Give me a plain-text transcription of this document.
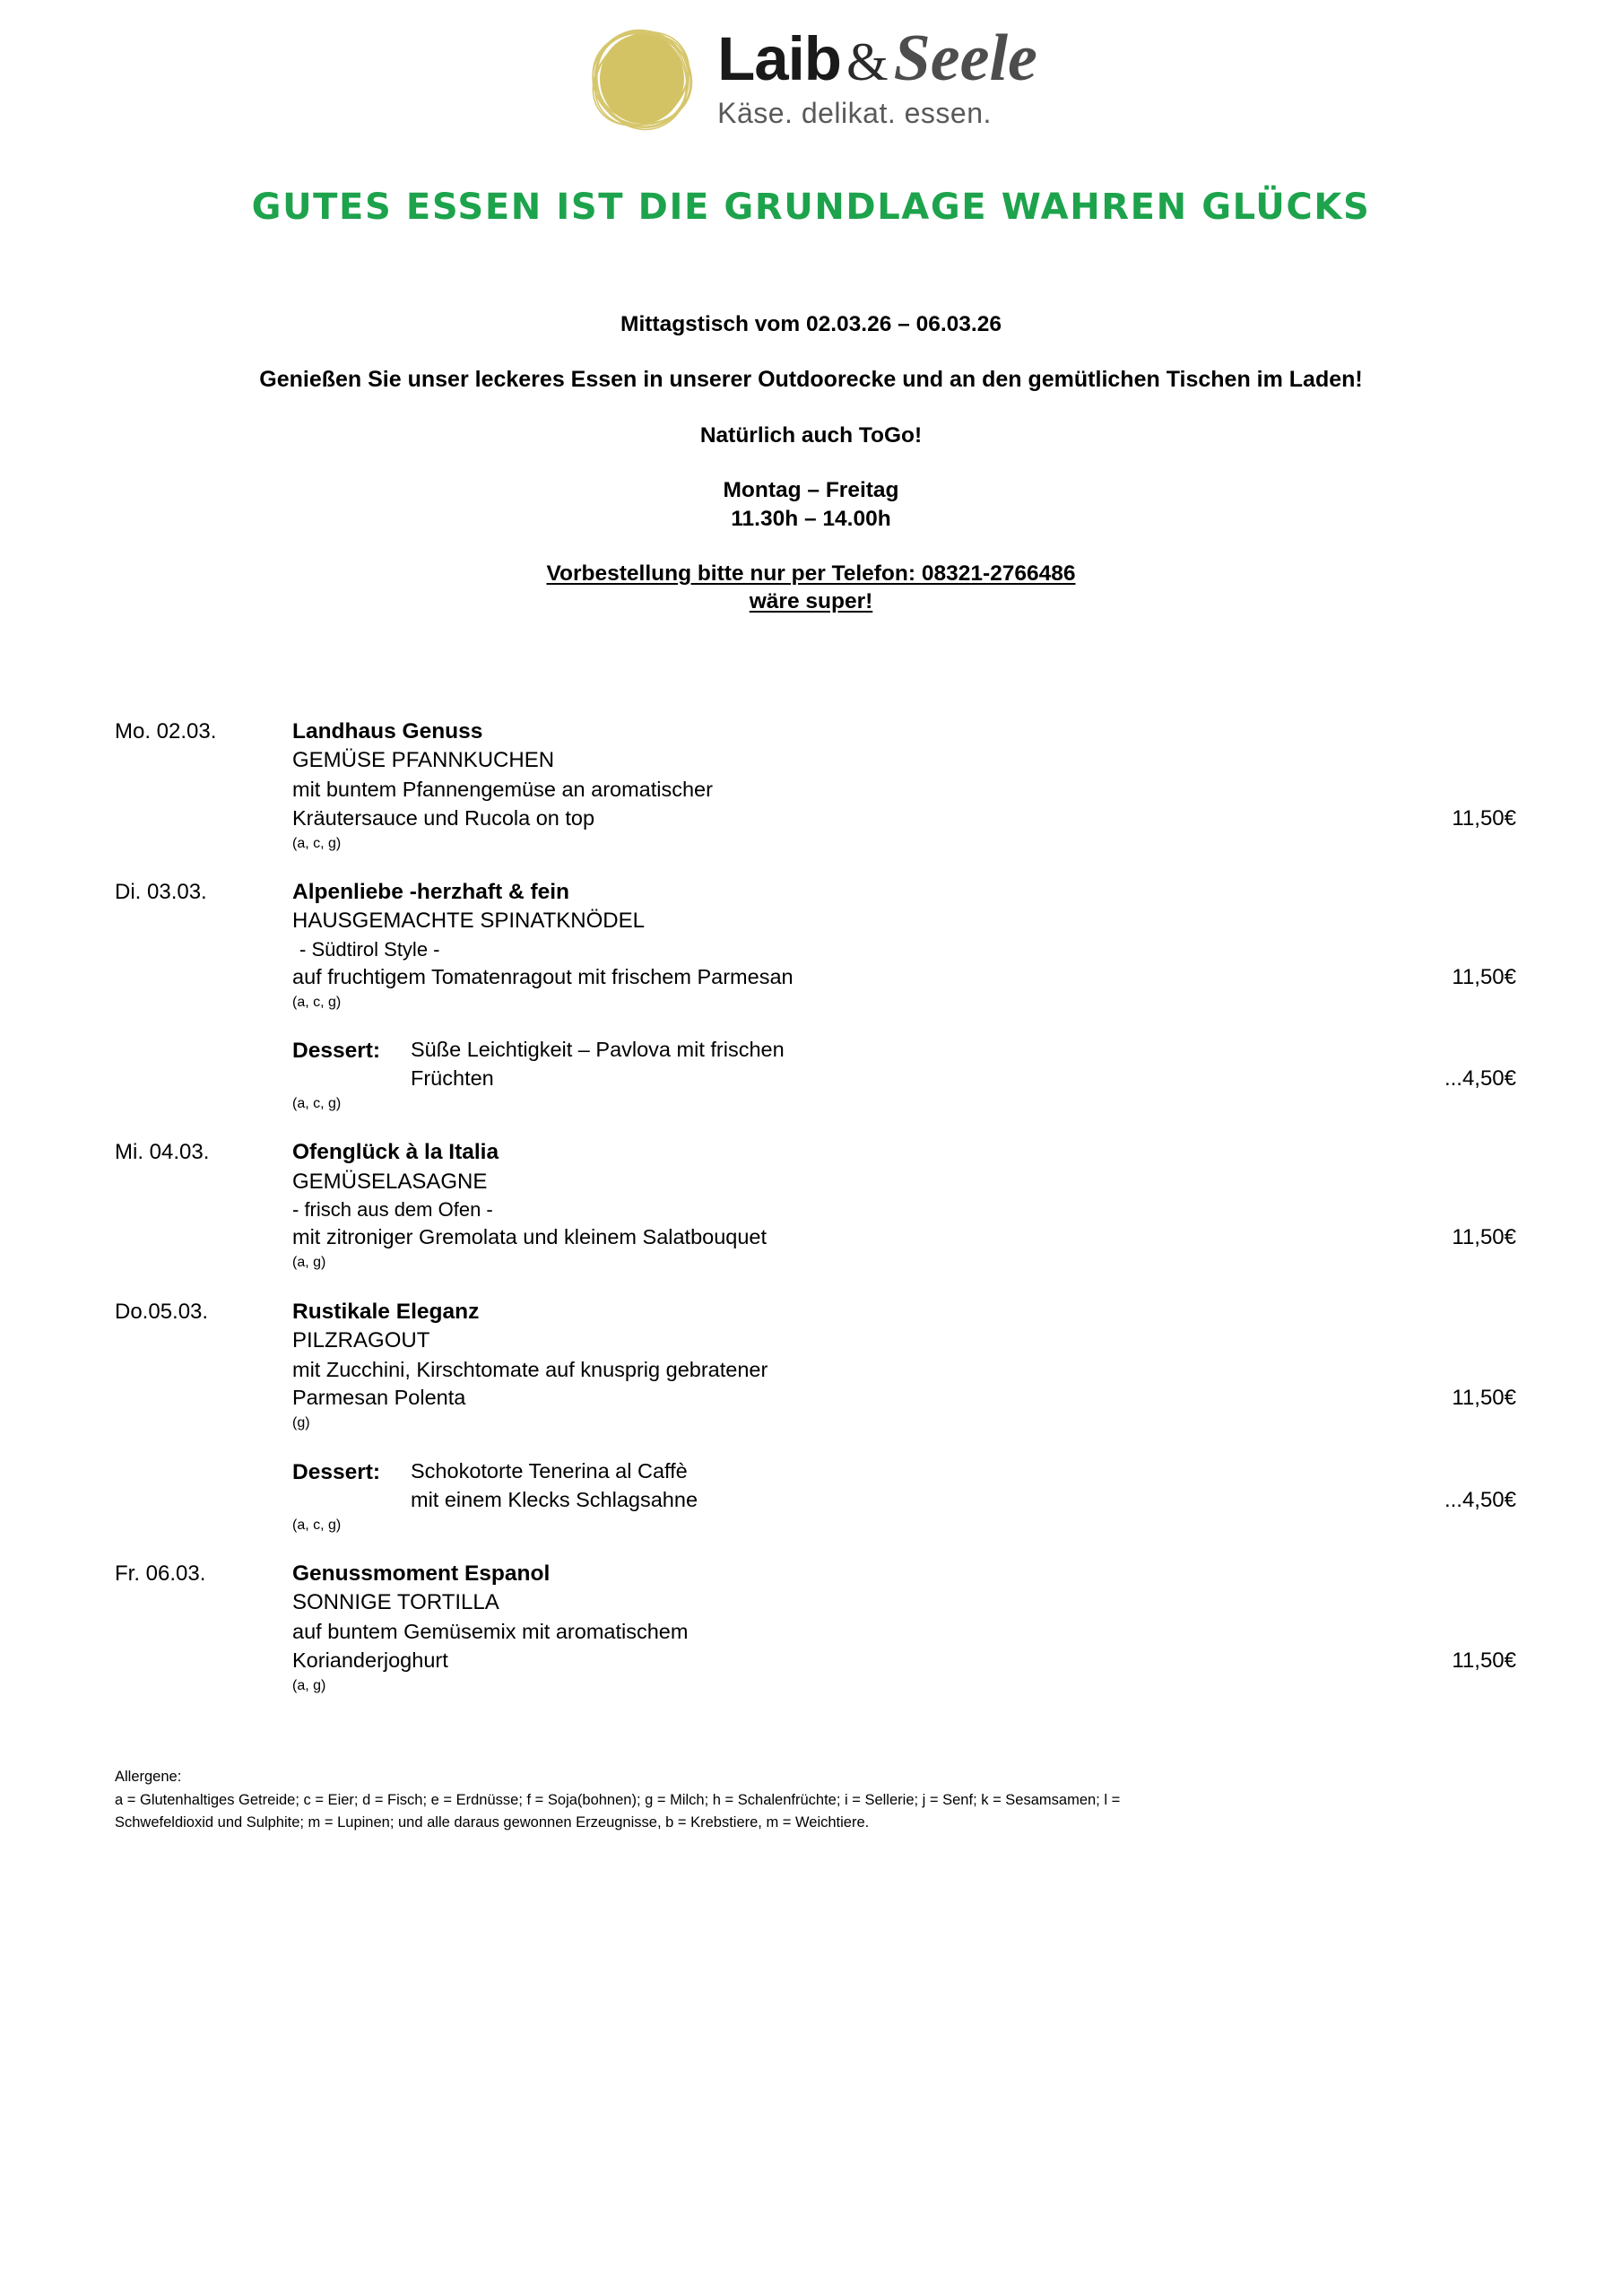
Laib & Seele
Käse. delikat. essen.
GUTES ESSEN IST DIE GRUNDLAGE WAHREN GLÜCKS

Mittagstisch vom 02.03.26 – 06.03.26

Genießen Sie unser leckeres Essen in unserer Outdoorecke und an den gemütlichen Tischen im Laden!

Natürlich auch ToGo!

Montag – Freitag

11.30h – 14.00h

Vorbestellung bitte nur per Telefon: 08321-2766486

wäre super!

Mo. 02.03.	Landhaus Genuss
GEMÜSE PFANNKUCHEN
mit buntem Pfannengemüse an aromatischer
Kräutersauce und Rucola on top	11,50€
(a, c, g)
Di. 03.03.	Alpenliebe -herzhaft & fein
HAUSGEMACHTE SPINATKNÖDEL
- Südtirol Style -
auf fruchtigem Tomatenragout mit frischem Parmesan	11,50€
(a, c, g)
Dessert:	Süße Leichtigkeit – Pavlova mit frischen
Früchten	...4,50€
(a, c, g)
Mi. 04.03.	Ofenglück à la Italia
GEMÜSELASAGNE
- frisch aus dem Ofen -
mit zitroniger Gremolata und kleinem Salatbouquet	11,50€
(a, g)
Do.05.03.	Rustikale Eleganz
PILZRAGOUT
mit Zucchini, Kirschtomate auf knusprig gebratener
Parmesan Polenta	11,50€
(g)
Dessert:	Schokotorte Tenerina al Caffè
mit einem Klecks Schlagsahne	...4,50€
(a, c, g)
Fr. 06.03.	Genussmoment Espanol
SONNIGE TORTILLA
auf buntem Gemüsemix mit aromatischem
Korianderjoghurt	11,50€
(a, g)

Allergene:

a = Glutenhaltiges Getreide; c = Eier; d = Fisch; e = Erdnüsse; f = Soja(bohnen); g = Milch; h = Schalenfrüchte; i = Sellerie; j = Senf; k = Sesamsamen; l =

Schwefeldioxid und Sulphite; m = Lupinen; und alle daraus gewonnen Erzeugnisse, b = Krebstiere, m = Weichtiere.
